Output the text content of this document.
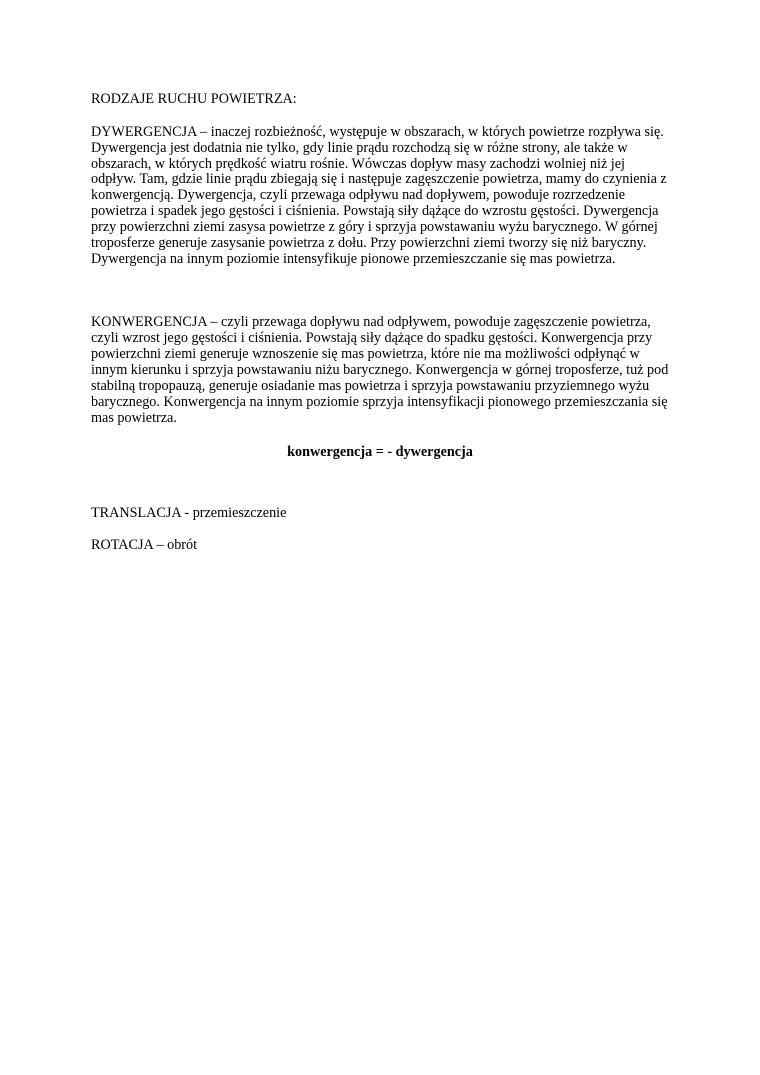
RODZAJE RUCHU POWIETRZA:

DYWERGENCJA – inaczej rozbieżność, występuje w obszarach, w których powietrze rozpływa się. Dywergencja jest dodatnia nie tylko, gdy linie prądu rozchodzą się w różne strony, ale także w obszarach, w których prędkość wiatru rośnie. Wówczas dopływ masy zachodzi wolniej niż jej odpływ. Tam, gdzie linie prądu zbiegają się i następuje zagęszczenie powietrza, mamy do czynienia z konwergencją. Dywergencja, czyli przewaga odpływu nad dopływem, powoduje rozrzedzenie powietrza i spadek jego gęstości i ciśnienia. Powstają siły dążące do wzrostu gęstości. Dywergencja przy powierzchni ziemi zasysa powietrze z góry i sprzyja powstawaniu wyżu barycznego. W górnej troposferze generuje zasysanie powietrza z dołu. Przy powierzchni ziemi tworzy się niż baryczny. Dywergencja na innym poziomie intensyfikuje pionowe przemieszczanie się mas powietrza.

KONWERGENCJA – czyli przewaga dopływu nad odpływem, powoduje zagęszczenie powietrza, czyli wzrost jego gęstości i ciśnienia. Powstają siły dążące do spadku gęstości. Konwergencja przy powierzchni ziemi generuje wznoszenie się mas powietrza, które nie ma możliwości odpłynąć w innym kierunku i sprzyja powstawaniu niżu barycznego. Konwergencja w górnej troposferze, tuż pod stabilną tropopauzą, generuje osiadanie mas powietrza i sprzyja powstawaniu przyziemnego wyżu barycznego. Konwergencja na innym poziomie sprzyja intensyfikacji pionowego przemieszczania się mas powietrza.

konwergencja = - dywergencja

TRANSLACJA - przemieszczenie

ROTACJA – obrót
